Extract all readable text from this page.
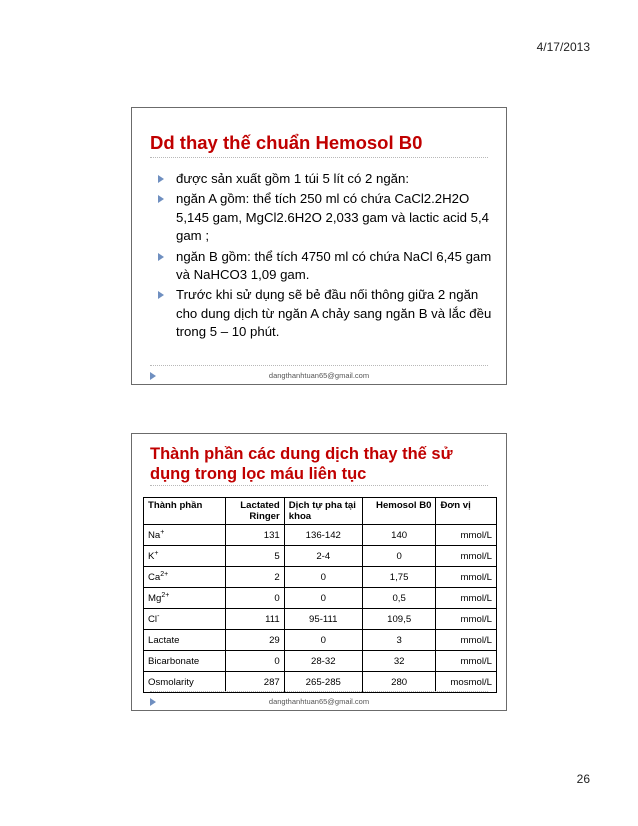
4/17/2013
Dd thay thế chuẩn Hemosol B0
được sản xuất gồm 1 túi 5 lít có 2 ngăn:
ngăn A gồm: thể tích 250 ml có chứa CaCl2.2H2O 5,145 gam, MgCl2.6H2O 2,033 gam và lactic acid 5,4 gam ;
ngăn B gồm: thể tích 4750 ml có chứa NaCl 6,45 gam và NaHCO3 1,09 gam.
Trước khi sử dụng sẽ bẻ đầu nối thông giữa 2 ngăn cho dung dịch từ ngăn A chảy sang ngăn B và lắc đều trong 5 – 10 phút.
dangthanhtuan65@gmail.com
Thành phần các dung dịch thay thế sử dụng trong lọc máu liên tục
Thành phần	Lactated Ringer	Dịch tự pha tại khoa	Hemosol B0	Đơn vị
Na+	131	136-142	140	mmol/L
K+	5	2-4	0	mmol/L
$Ca^{2+}$	2	0	1,75	mmol/L
$Mg^{2+}$	0	0	0,5	mmol/L
Cl-	111	95-111	109,5	mmol/L
Lactate	29	0	3	mmol/L
Bicarbonate	0	28-32	32	mmol/L
Osmolarity	287	265-285	280	mosmol/L
dangthanhtuan65@gmail.com
26
